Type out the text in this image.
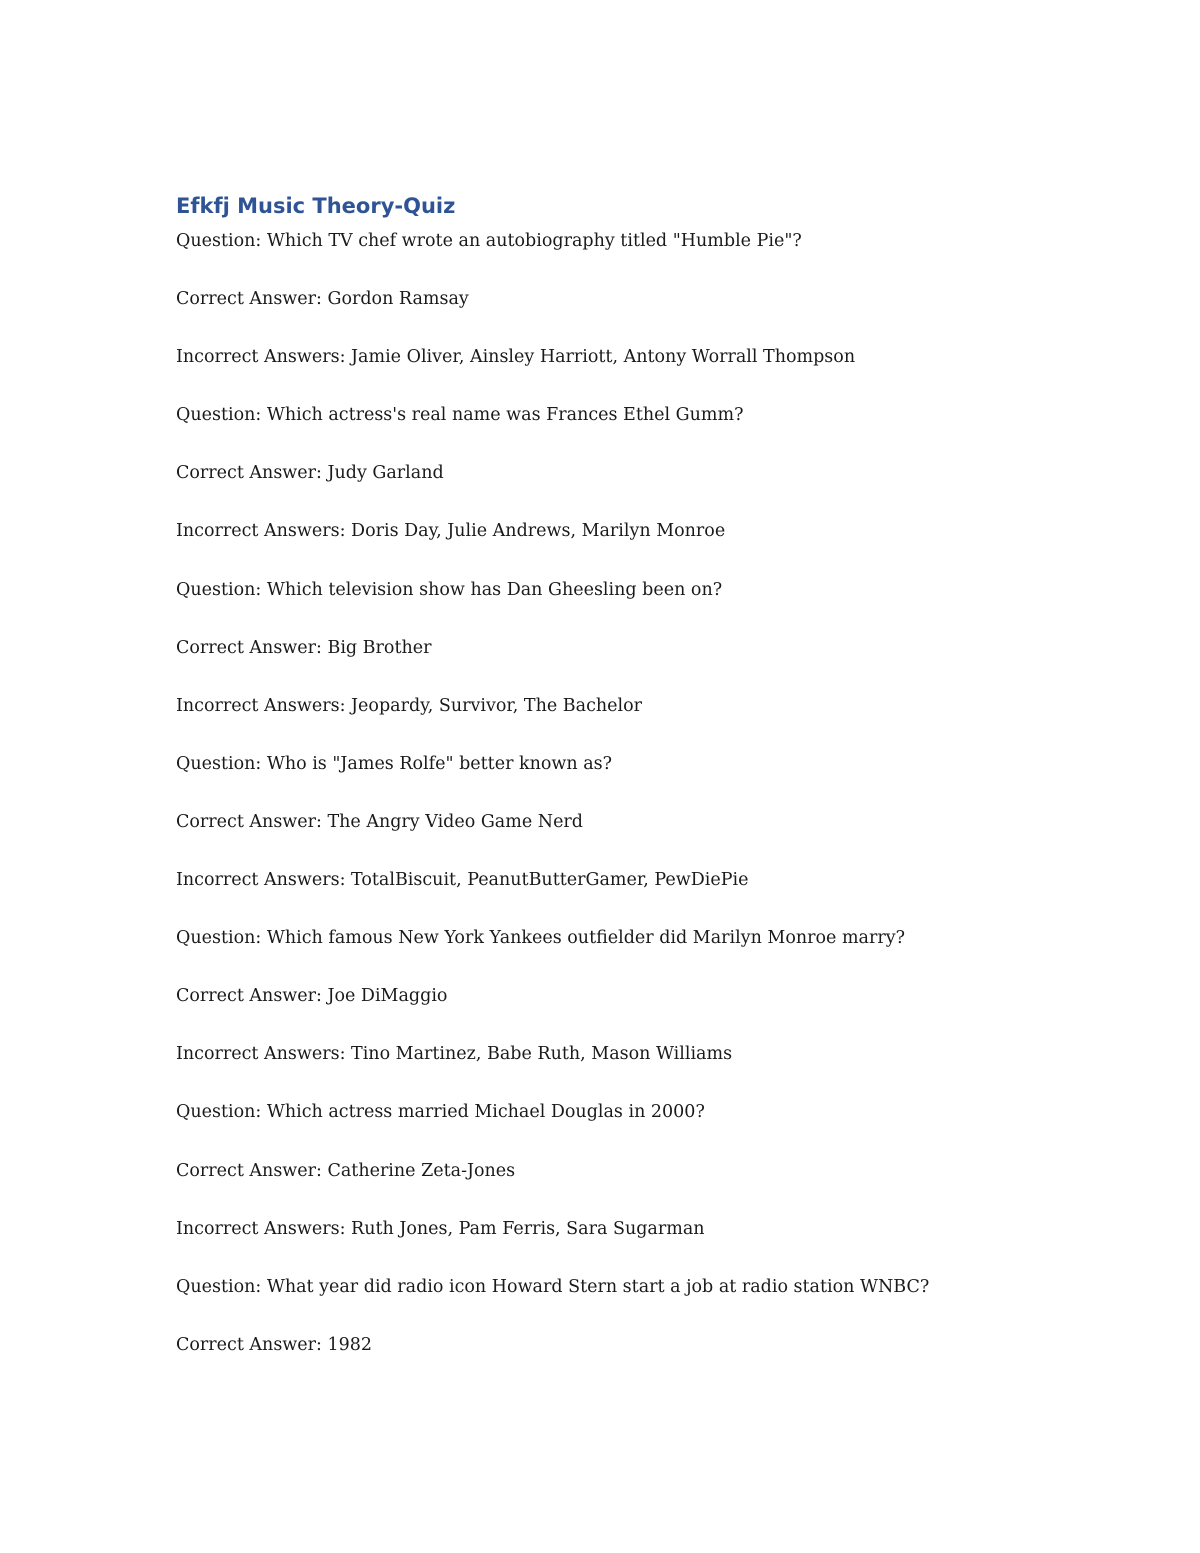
Efkfj Music Theory-Quiz
Question: Which TV chef wrote an autobiography titled "Humble Pie"?
Correct Answer: Gordon Ramsay
Incorrect Answers: Jamie Oliver, Ainsley Harriott, Antony Worrall Thompson
Question: Which actress's real name was Frances Ethel Gumm?
Correct Answer: Judy Garland
Incorrect Answers: Doris Day, Julie Andrews, Marilyn Monroe
Question: Which television show has Dan Gheesling been on?
Correct Answer: Big Brother
Incorrect Answers: Jeopardy, Survivor, The Bachelor
Question: Who is "James Rolfe" better known as?
Correct Answer: The Angry Video Game Nerd
Incorrect Answers: TotalBiscuit, PeanutButterGamer, PewDiePie
Question: Which famous New York Yankees outfielder did Marilyn Monroe marry?
Correct Answer: Joe DiMaggio
Incorrect Answers: Tino Martinez, Babe Ruth, Mason Williams
Question: Which actress married Michael Douglas in 2000?
Correct Answer: Catherine Zeta-Jones
Incorrect Answers: Ruth Jones, Pam Ferris, Sara Sugarman
Question: What year did radio icon Howard Stern start a job at radio station WNBC?
Correct Answer: 1982
